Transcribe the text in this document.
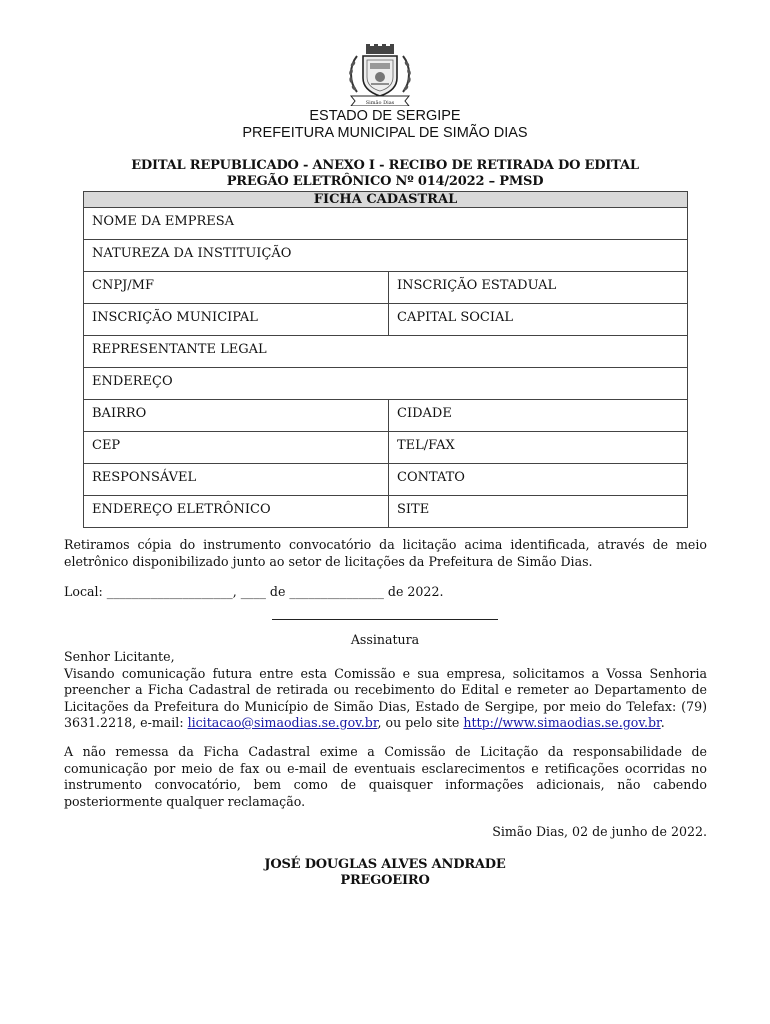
Simão Dias
ESTADO DE SERGIPE
PREFEITURA MUNICIPAL DE SIMÃO DIAS
EDITAL REPUBLICADO - ANEXO I - RECIBO DE RETIRADA DO EDITAL
PREGÃO ELETRÔNICO Nº 014/2022 – PMSD
FICHA CADASTRAL	
NOME DA EMPRESA	
NATUREZA DA INSTITUIÇÃO	
CNPJ/MF	INSCRIÇÃO ESTADUAL
INSCRIÇÃO MUNICIPAL	CAPITAL SOCIAL
REPRESENTANTE LEGAL	
ENDEREÇO	
BAIRRO	CIDADE
CEP	TEL/FAX
RESPONSÁVEL	CONTATO
ENDEREÇO ELETRÔNICO	SITE
Retiramos cópia do instrumento convocatório da licitação acima identificada, através de meio eletrônico disponibilizado junto ao setor de licitações da Prefeitura de Simão Dias.
Local: ____________________, ____ de _______________ de 2022.
Assinatura
Senhor Licitante,
Visando comunicação futura entre esta Comissão e sua empresa, solicitamos a Vossa Senhoria preencher a Ficha Cadastral de retirada ou recebimento do Edital e remeter ao Departamento de Licitações da Prefeitura do Município de Simão Dias, Estado de Sergipe, por meio do Telefax: (79) 3631.2218, e-mail: licitacao@simaodias.se.gov.br, ou pelo site http://www.simaodias.se.gov.br.
A não remessa da Ficha Cadastral exime a Comissão de Licitação da responsabilidade de comunicação por meio de fax ou e-mail de eventuais esclarecimentos e retificações ocorridas no instrumento convocatório, bem como de quaisquer informações adicionais, não cabendo posteriormente qualquer reclamação.
Simão Dias, 02 de junho de 2022.
JOSÉ DOUGLAS ALVES ANDRADE
PREGOEIRO
